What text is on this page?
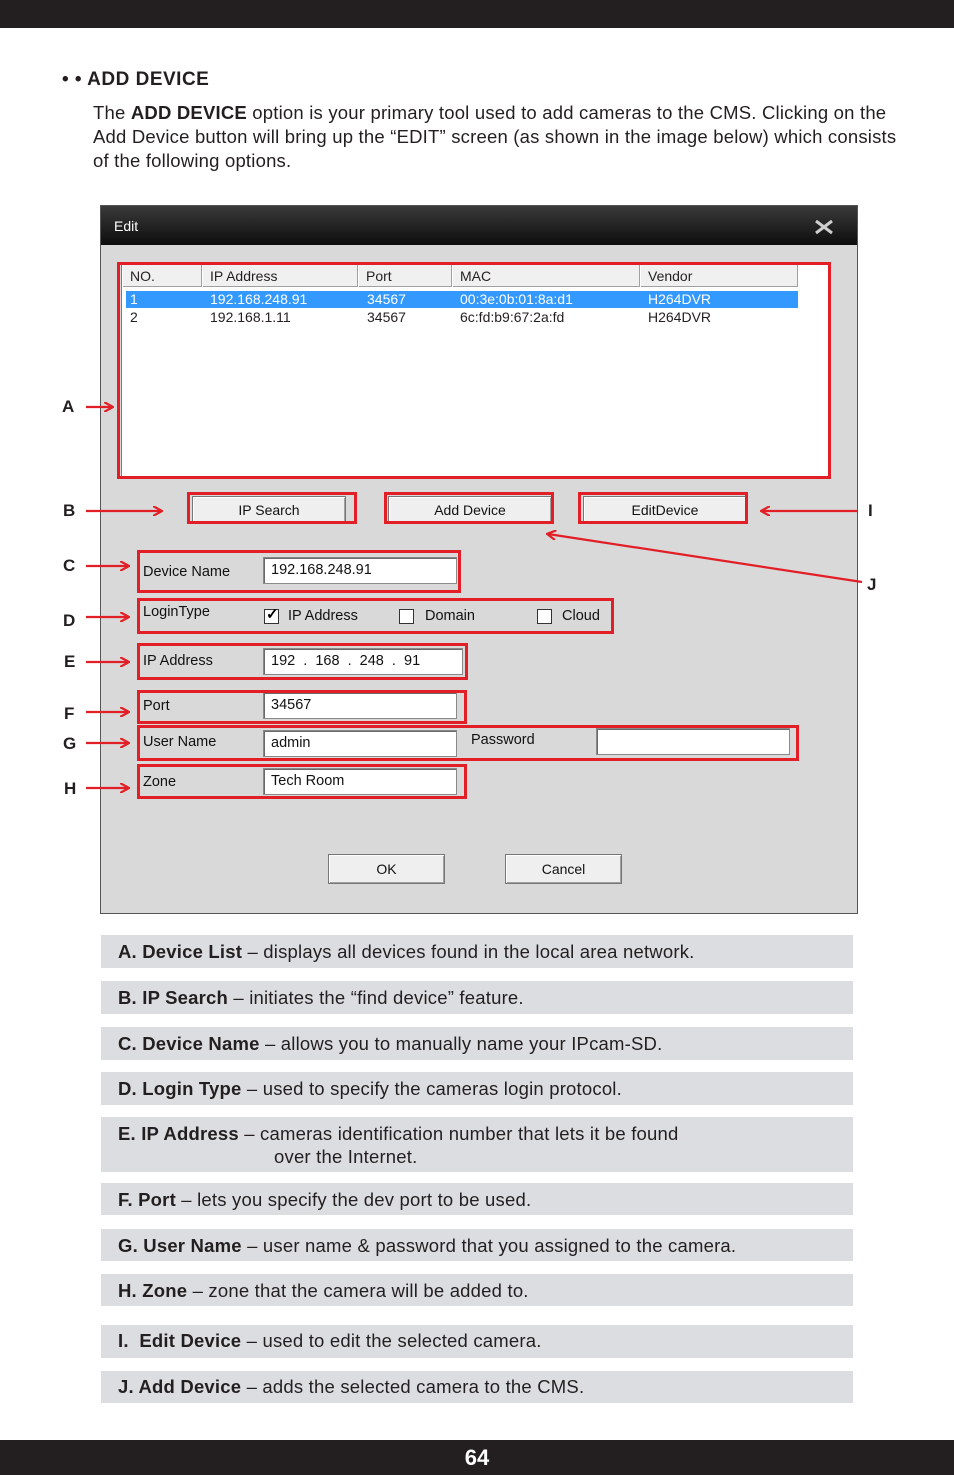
• • ADD DEVICE
The ADD DEVICE option is your primary tool used to add cameras to the CMS. Clicking on the Add Device button will bring up the “EDIT” screen (as shown in the image below) which consists of the following options.
Edit
NO.	IP Address	Port	MAC	Vendor
1	192.168.248.91	34567	00:3e:0b:01:8a:d1	H264DVR
2	192.168.1.11	34567	6c:fd:b9:67:2a:fd	H264DVR
IP Search	Add Device	EditDevice
Device Name	192.168.248.91
LoginType	✓ IP Address	Domain	Cloud
IP Address	192  .  168  .  248  .  91
Port	34567
User Name	admin	Password
Zone	Tech Room
OK	Cancel
A
B
C
D
E
F
G
H
I
J
A. Device List – displays all devices found in the local area network.
B. IP Search – initiates the “find device” feature.
C. Device Name – allows you to manually name your IPcam-SD.
D. Login Type – used to specify the cameras login protocol.
E. IP Address – cameras identification number that lets it be found
over the Internet.
F. Port – lets you specify the dev port to be used.
G. User Name – user name & password that you assigned to the camera.
H. Zone – zone that the camera will be added to.
I.  Edit Device – used to edit the selected camera.
J. Add Device – adds the selected camera to the CMS.
64
